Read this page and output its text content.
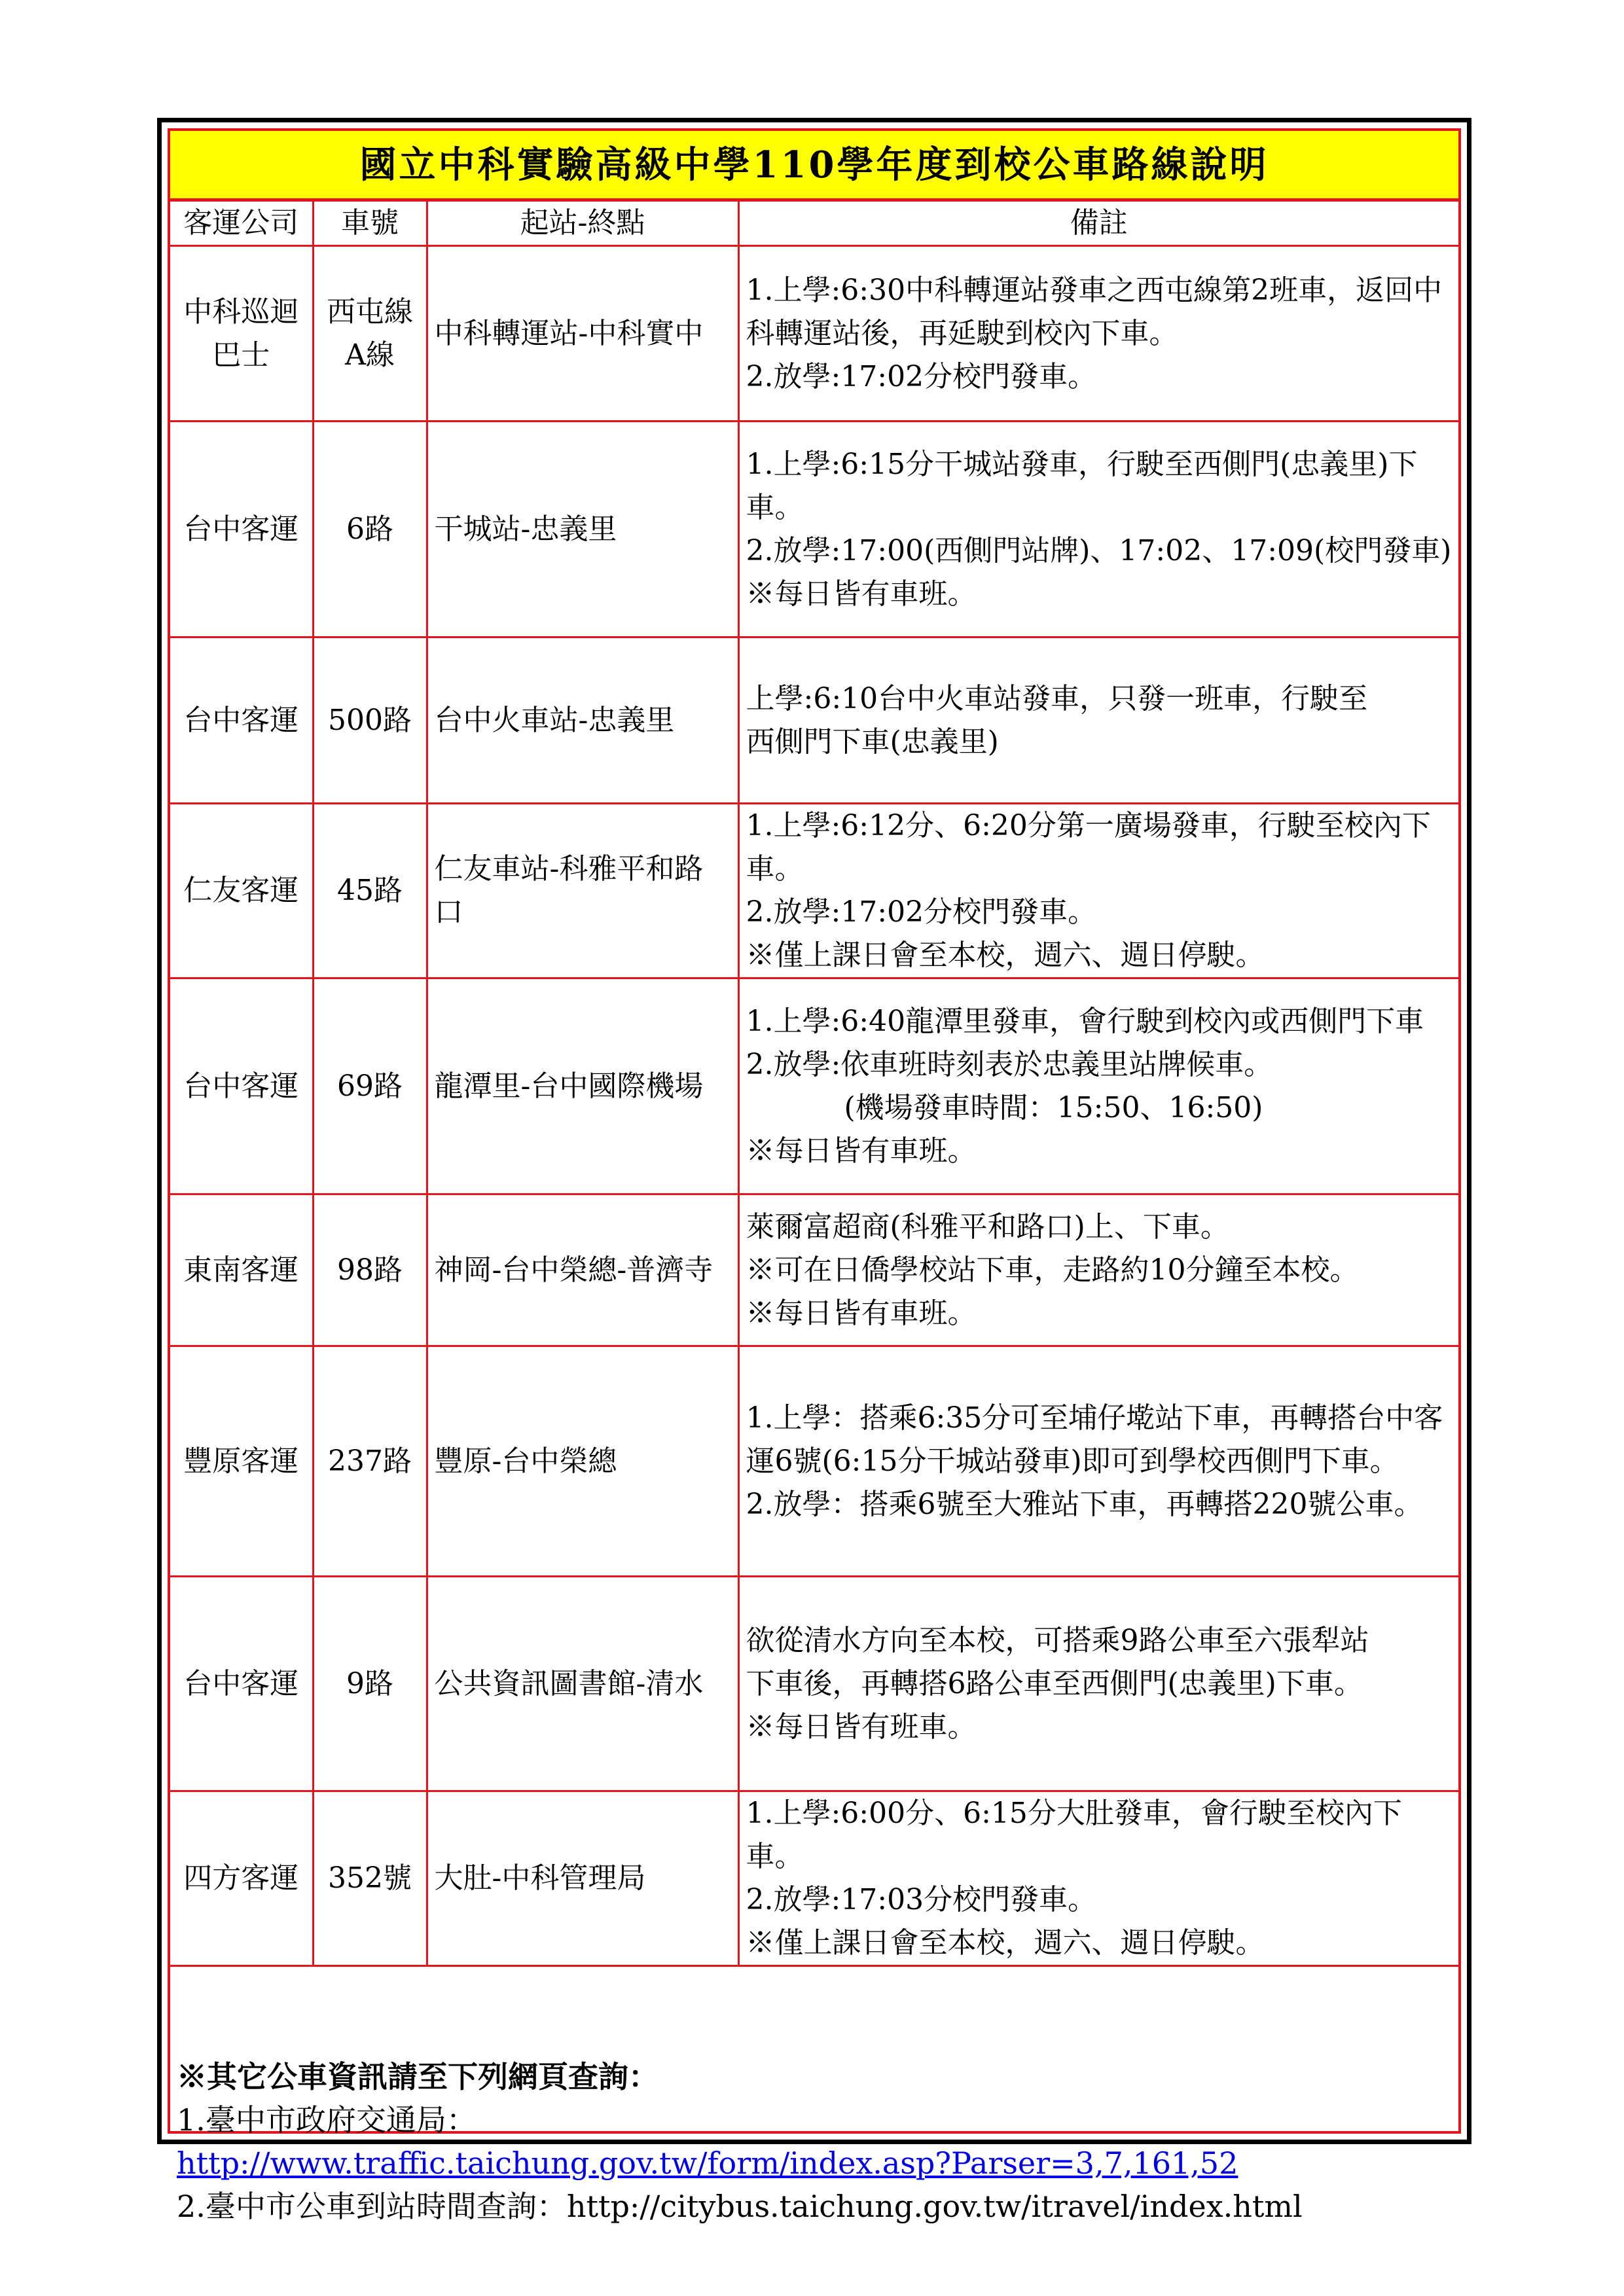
國立中科實驗高級中學110學年度到校公車路線說明
客運公司	車號	起站-終點	備註
中科巡迴巴士	西屯線A線	中科轉運站-中科實中	1.上學:6:30中科轉運站發車之西屯線第2班車，返回中科轉運站後，再延駛到校內下車。
2.放學:17:02分校門發車。

台中客運	6路	干城站-忠義里	1.上學:6:15分干城站發車，行駛至西側門(忠義里)下車。
2.放學:17:00(西側門站牌)、17:02、17:09(校門發車)
※每日皆有車班。

台中客運	500路	台中火車站-忠義里	上學:6:10台中火車站發車，只發一班車，行駛至
西側門下車(忠義里)

仁友客運	45路	仁友車站-科雅平和路口	1.上學:6:12分、6:20分第一廣場發車，行駛至校內下車。
2.放學:17:02分校門發車。
※僅上課日會至本校，週六、週日停駛。

台中客運	69路	龍潭里-台中國際機場	1.上學:6:40龍潭里發車，會行駛到校內或西側門下車
2.放學:依車班時刻表於忠義里站牌候車。
(機場發車時間：15:50、16:50)
※每日皆有車班。

東南客運	98路	神岡-台中榮總-普濟寺	萊爾富超商(科雅平和路口)上、下車。
※可在日僑學校站下車，走路約10分鐘至本校。
※每日皆有車班。

豐原客運	237路	豐原-台中榮總	1.上學：搭乘6:35分可至埔仔墘站下車，再轉搭台中客運6號(6:15分干城站發車)即可到學校西側門下車。
2.放學：搭乘6號至大雅站下車，再轉搭220號公車。

台中客運	9路	公共資訊圖書館-清水	欲從清水方向至本校，可搭乘9路公車至六張犁站
下車後，再轉搭6路公車至西側門(忠義里)下車。
※每日皆有班車。

四方客運	352號	大肚-中科管理局	1.上學:6:00分、6:15分大肚發車，會行駛至校內下車。
2.放學:17:03分校門發車。
※僅上課日會至本校，週六、週日停駛。
※其它公車資訊請至下列網頁查詢：
1.臺中市政府交通局：
http://www.traffic.taichung.gov.tw/form/index.asp?Parser=3,7,161,52
2.臺中市公車到站時間查詢：http://citybus.taichung.gov.tw/itravel/index.html
